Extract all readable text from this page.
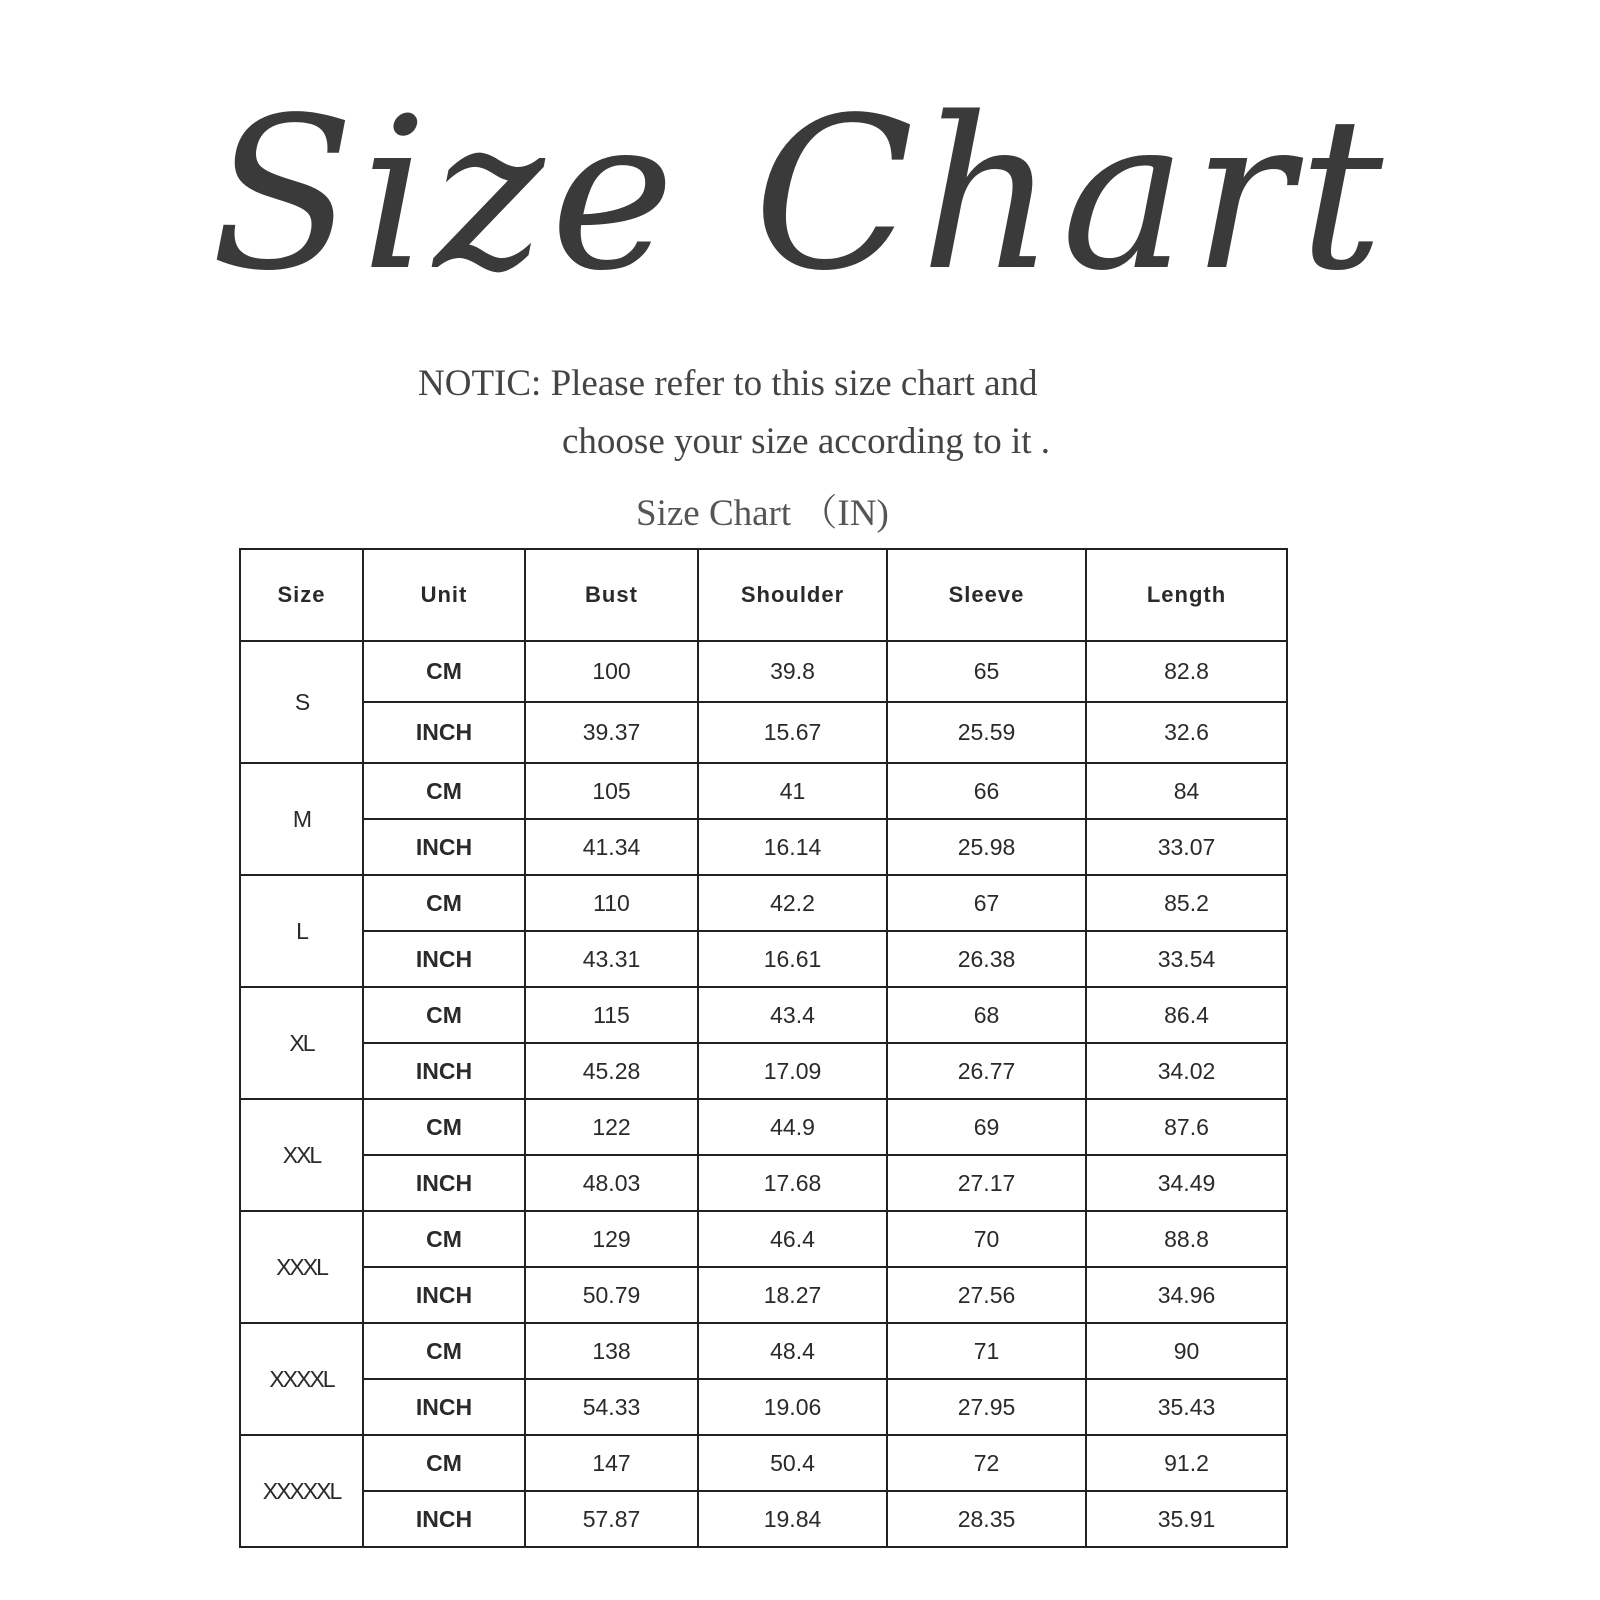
Size Chart
NOTIC: Please refer to this size chart and
choose your size according to it .
Size Chart （IN)
Size	Unit	Bust	Shoulder	Sleeve	Length
S	CM	100	39.8	65	82.8
	INCH	39.37	15.67	25.59	32.6
M	CM	105	41	66	84
	INCH	41.34	16.14	25.98	33.07
L	CM	110	42.2	67	85.2
	INCH	43.31	16.61	26.38	33.54
XL	CM	115	43.4	68	86.4
	INCH	45.28	17.09	26.77	34.02
XXL	CM	122	44.9	69	87.6
	INCH	48.03	17.68	27.17	34.49
XXXL	CM	129	46.4	70	88.8
	INCH	50.79	18.27	27.56	34.96
XXXXL	CM	138	48.4	71	90
	INCH	54.33	19.06	27.95	35.43
XXXXXL	CM	147	50.4	72	91.2
	INCH	57.87	19.84	28.35	35.91
